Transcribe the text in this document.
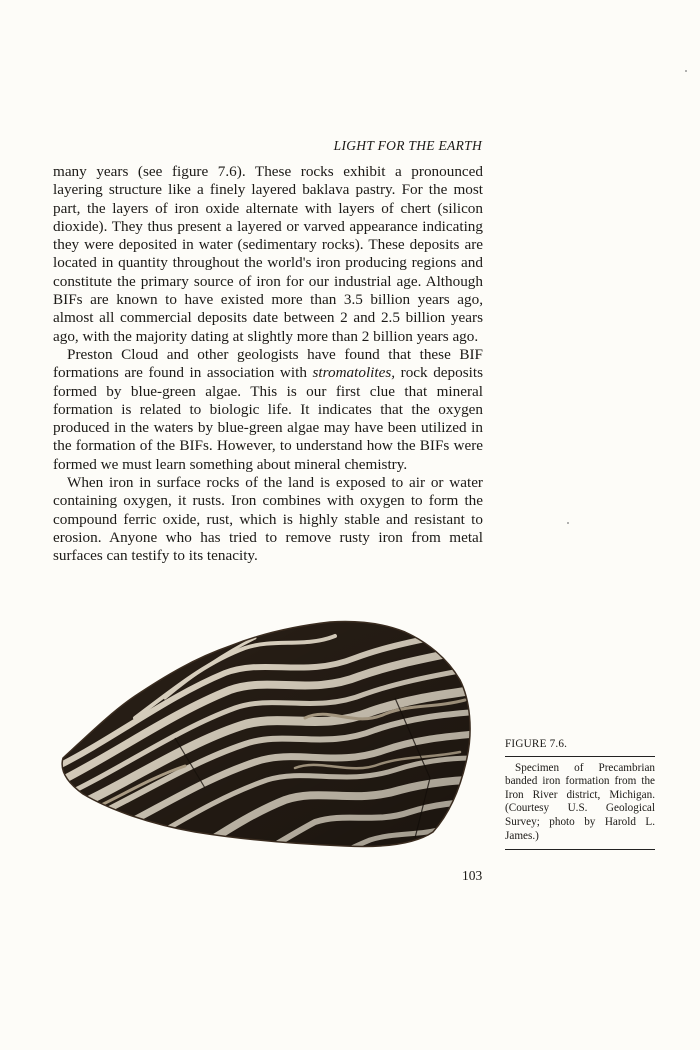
LIGHT FOR THE EARTH

many years (see figure 7.6). These rocks exhibit a pronounced layering structure like a finely layered baklava pastry. For the most part, the layers of iron oxide alternate with layers of chert (silicon dioxide). They thus present a layered or varved appearance indicating they were deposited in water (sedimentary rocks). These deposits are located in quantity throughout the world's iron producing regions and constitute the primary source of iron for our industrial age. Although BIFs are known to have existed more than 3.5 billion years ago, almost all commercial deposits date between 2 and 2.5 billion years ago, with the majority dating at slightly more than 2 billion years ago.

Preston Cloud and other geologists have found that these BIF formations are found in association with stromatolites, rock deposits formed by blue-green algae. This is our first clue that mineral formation is related to biologic life. It indicates that the oxygen produced in the waters by blue-green algae may have been utilized in the formation of the BIFs. However, to understand how the BIFs were formed we must learn something about mineral chemistry.

When iron in surface rocks of the land is exposed to air or water containing oxygen, it rusts. Iron combines with oxygen to form the compound ferric oxide, rust, which is highly stable and resistant to erosion. Anyone who has tried to remove rusty iron from metal surfaces can testify to its tenacity.

FIGURE 7.6.
Specimen of Precambrian banded iron formation from the Iron River district, Michigan. (Courtesy U.S. Geological Survey; photo by Harold L. James.)
103
